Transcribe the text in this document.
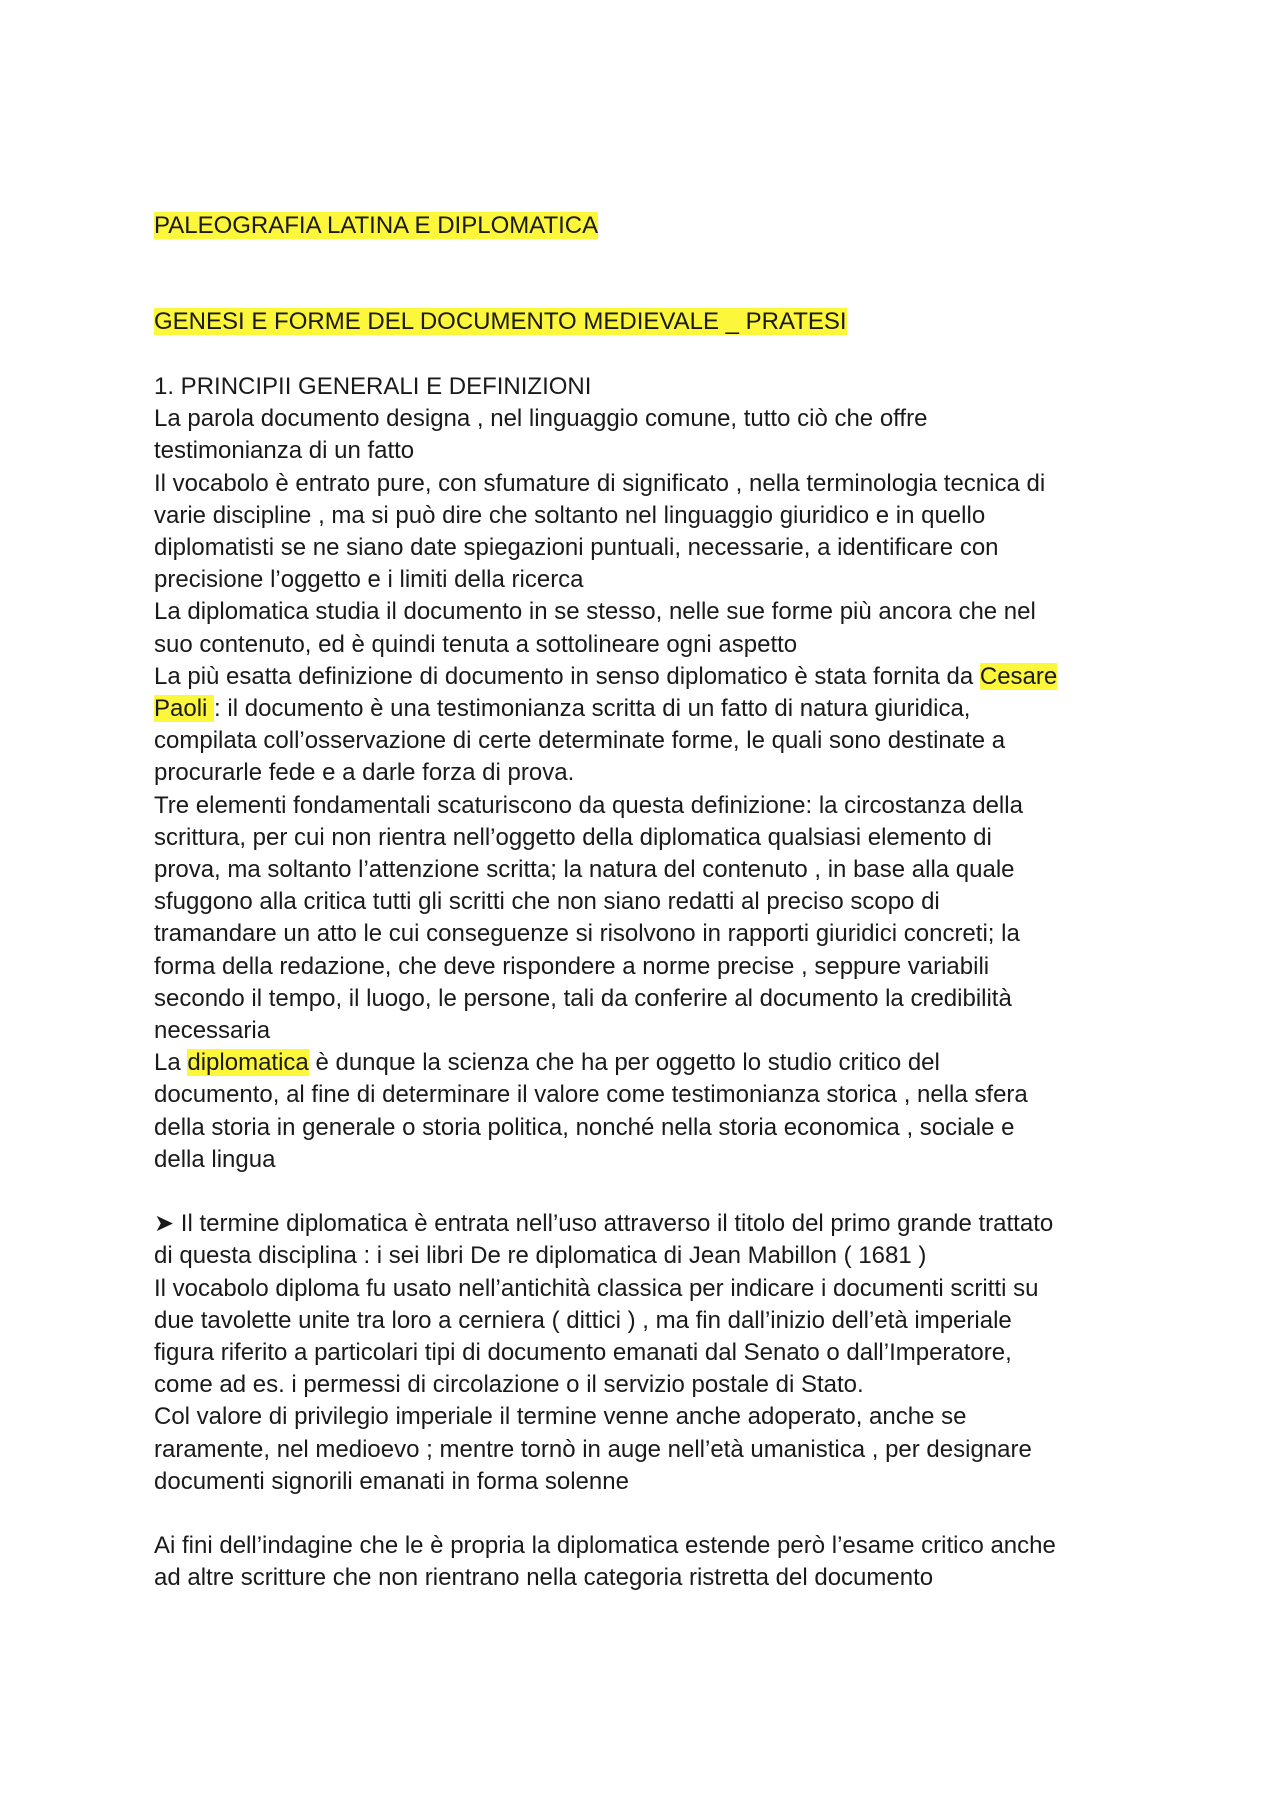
PALEOGRAFIA LATINA E DIPLOMATICA
GENESI E FORME DEL DOCUMENTO MEDIEVALE _ PRATESI
1. PRINCIPII GENERALI E DEFINIZIONI
La parola documento designa , nel linguaggio comune, tutto ciò che offre
testimonianza di un fatto
Il vocabolo è entrato pure, con sfumature di significato , nella terminologia tecnica di
varie discipline , ma si può dire che soltanto nel linguaggio giuridico e in quello
diplomatisti se ne siano date spiegazioni puntuali, necessarie, a identificare con
precisione l’oggetto e i limiti della ricerca
La diplomatica studia il documento in se stesso, nelle sue forme più ancora che nel
suo contenuto, ed è quindi tenuta a sottolineare ogni aspetto
La più esatta definizione di documento in senso diplomatico è stata fornita da Cesare
Paoli : il documento è una testimonianza scritta di un fatto di natura giuridica,
compilata coll’osservazione di certe determinate forme, le quali sono destinate a
procurarle fede e a darle forza di prova.
Tre elementi fondamentali scaturiscono da questa definizione: la circostanza della
scrittura, per cui non rientra nell’oggetto della diplomatica qualsiasi elemento di
prova, ma soltanto l’attenzione scritta; la natura del contenuto , in base alla quale
sfuggono alla critica tutti gli scritti che non siano redatti al preciso scopo di
tramandare un atto le cui conseguenze si risolvono in rapporti giuridici concreti; la
forma della redazione, che deve rispondere a norme precise , seppure variabili
secondo il tempo, il luogo, le persone, tali da conferire al documento la credibilità
necessaria
La diplomatica è dunque la scienza che ha per oggetto lo studio critico del
documento, al fine di determinare il valore come testimonianza storica , nella sfera
della storia in generale o storia politica, nonché nella storia economica , sociale e
della lingua
➤ Il termine diplomatica è entrata nell’uso attraverso il titolo del primo grande trattato
di questa disciplina : i sei libri De re diplomatica di Jean Mabillon ( 1681 )
Il vocabolo diploma fu usato nell’antichità classica per indicare i documenti scritti su
due tavolette unite tra loro a cerniera ( dittici ) , ma fin dall’inizio dell’età imperiale
figura riferito a particolari tipi di documento emanati dal Senato o dall’Imperatore,
come ad es. i permessi di circolazione o il servizio postale di Stato.
Col valore di privilegio imperiale il termine venne anche adoperato, anche se
raramente, nel medioevo ; mentre tornò in auge nell’età umanistica , per designare
documenti signorili emanati in forma solenne
Ai fini dell’indagine che le è propria la diplomatica estende però l’esame critico anche
ad altre scritture che non rientrano nella categoria ristretta del documento
